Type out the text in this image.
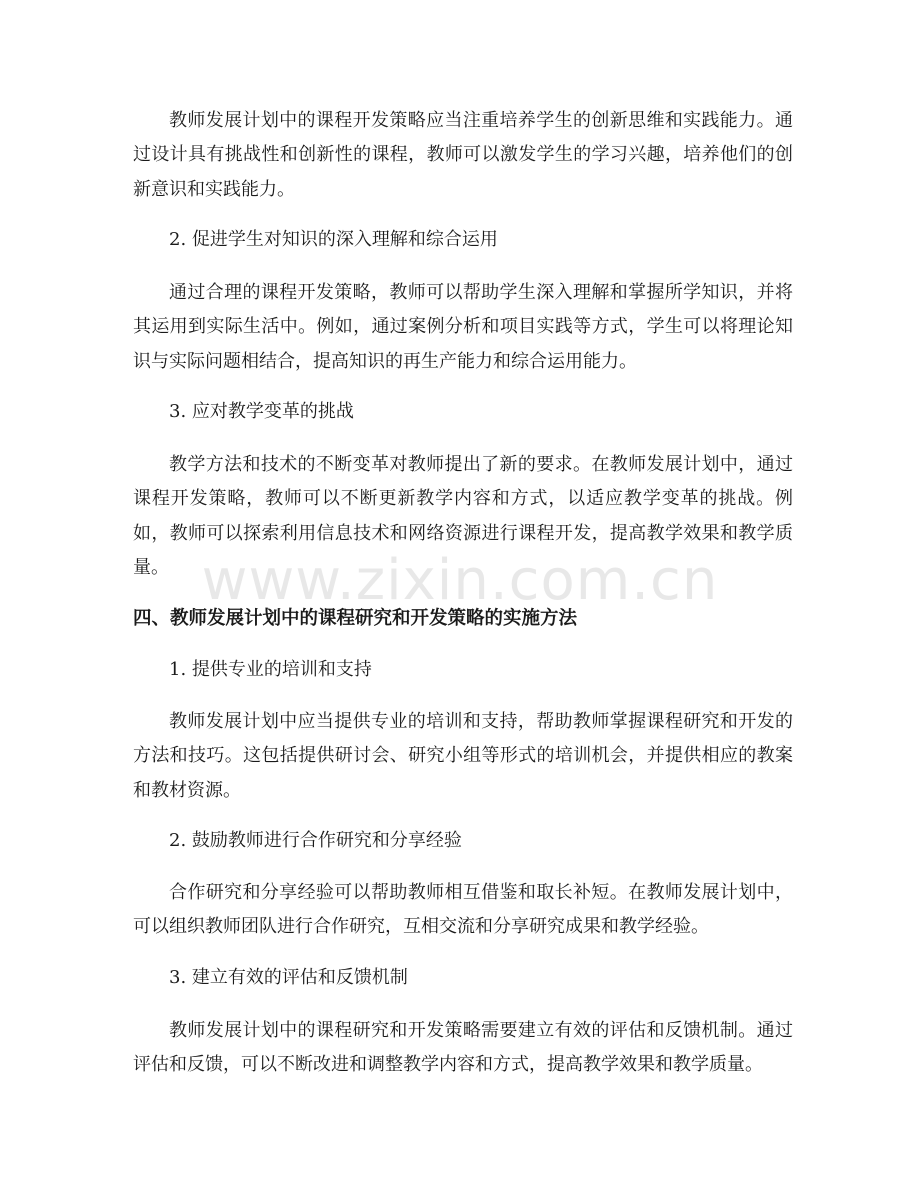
教师发展计划中的课程开发策略应当注重培养学生的创新思维和实践能力。通过设计具有挑战性和创新性的课程，教师可以激发学生的学习兴趣，培养他们的创新意识和实践能力。

2. 促进学生对知识的深入理解和综合运用

通过合理的课程开发策略，教师可以帮助学生深入理解和掌握所学知识，并将其运用到实际生活中。例如，通过案例分析和项目实践等方式，学生可以将理论知识与实际问题相结合，提高知识的再生产能力和综合运用能力。

3. 应对教学变革的挑战

教学方法和技术的不断变革对教师提出了新的要求。在教师发展计划中，通过课程开发策略，教师可以不断更新教学内容和方式，以适应教学变革的挑战。例如，教师可以探索利用信息技术和网络资源进行课程开发，提高教学效果和教学质量。

四、教师发展计划中的课程研究和开发策略的实施方法

1. 提供专业的培训和支持

教师发展计划中应当提供专业的培训和支持，帮助教师掌握课程研究和开发的方法和技巧。这包括提供研讨会、研究小组等形式的培训机会，并提供相应的教案和教材资源。

2. 鼓励教师进行合作研究和分享经验

合作研究和分享经验可以帮助教师相互借鉴和取长补短。在教师发展计划中，可以组织教师团队进行合作研究，互相交流和分享研究成果和教学经验。

3. 建立有效的评估和反馈机制

教师发展计划中的课程研究和开发策略需要建立有效的评估和反馈机制。通过评估和反馈，可以不断改进和调整教学内容和方式，提高教学效果和教学质量。

www.zixin.com.cn
